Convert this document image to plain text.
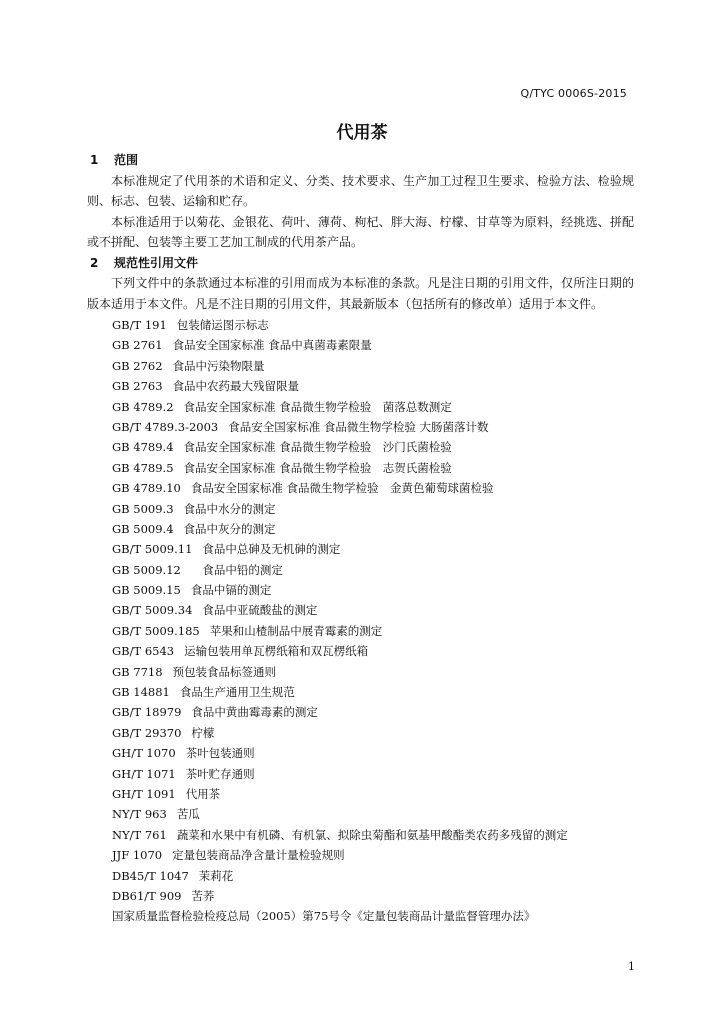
Q/TYC 0006S-2015
代用茶
1 范围
本标准规定了代用茶的术语和定义、分类、技术要求、生产加工过程卫生要求、检验方法、检验规则、标志、包装、运输和贮存。
本标准适用于以菊花、金银花、荷叶、薄荷、枸杞、胖大海、柠檬、甘草等为原料，经挑选、拼配或不拼配、包装等主要工艺加工制成的代用茶产品。
2 规范性引用文件
下列文件中的条款通过本标准的引用而成为本标准的条款。凡是注日期的引用文件，仅所注日期的版本适用于本文件。凡是不注日期的引用文件，其最新版本（包括所有的修改单）适用于本文件。
GB/T 191 包装储运图示标志
GB 2761 食品安全国家标准 食品中真菌毒素限量
GB 2762 食品中污染物限量
GB 2763 食品中农药最大残留限量
GB 4789.2 食品安全国家标准 食品微生物学检验　菌落总数测定
GB/T 4789.3-2003 食品安全国家标准 食品微生物学检验 大肠菌落计数
GB 4789.4 食品安全国家标准 食品微生物学检验　沙门氏菌检验
GB 4789.5 食品安全国家标准 食品微生物学检验　志贺氏菌检验
GB 4789.10 食品安全国家标准 食品微生物学检验　金黄色葡萄球菌检验
GB 5009.3 食品中水分的测定
GB 5009.4 食品中灰分的测定
GB/T 5009.11 食品中总砷及无机砷的测定
GB 5009.12　食品中铅的测定
GB 5009.15 食品中镉的测定
GB/T 5009.34 食品中亚硫酸盐的测定
GB/T 5009.185 苹果和山楂制品中展青霉素的测定
GB/T 6543 运输包装用单瓦楞纸箱和双瓦楞纸箱
GB 7718 预包装食品标签通则
GB 14881 食品生产通用卫生规范
GB/T 18979 食品中黄曲霉毒素的测定
GB/T 29370 柠檬
GH/T 1070 茶叶包装通则
GH/T 1071 茶叶贮存通则
GH/T 1091 代用茶
NY/T 963 苦瓜
NY/T 761 蔬菜和水果中有机磷、有机氯、拟除虫菊酯和氨基甲酸酯类农药多残留的测定
JJF 1070 定量包装商品净含量计量检验规则
DB45/T 1047 茉莉花
DB61/T 909 苦荞
国家质量监督检验检疫总局（2005）第75号令《定量包装商品计量监督管理办法》
1
